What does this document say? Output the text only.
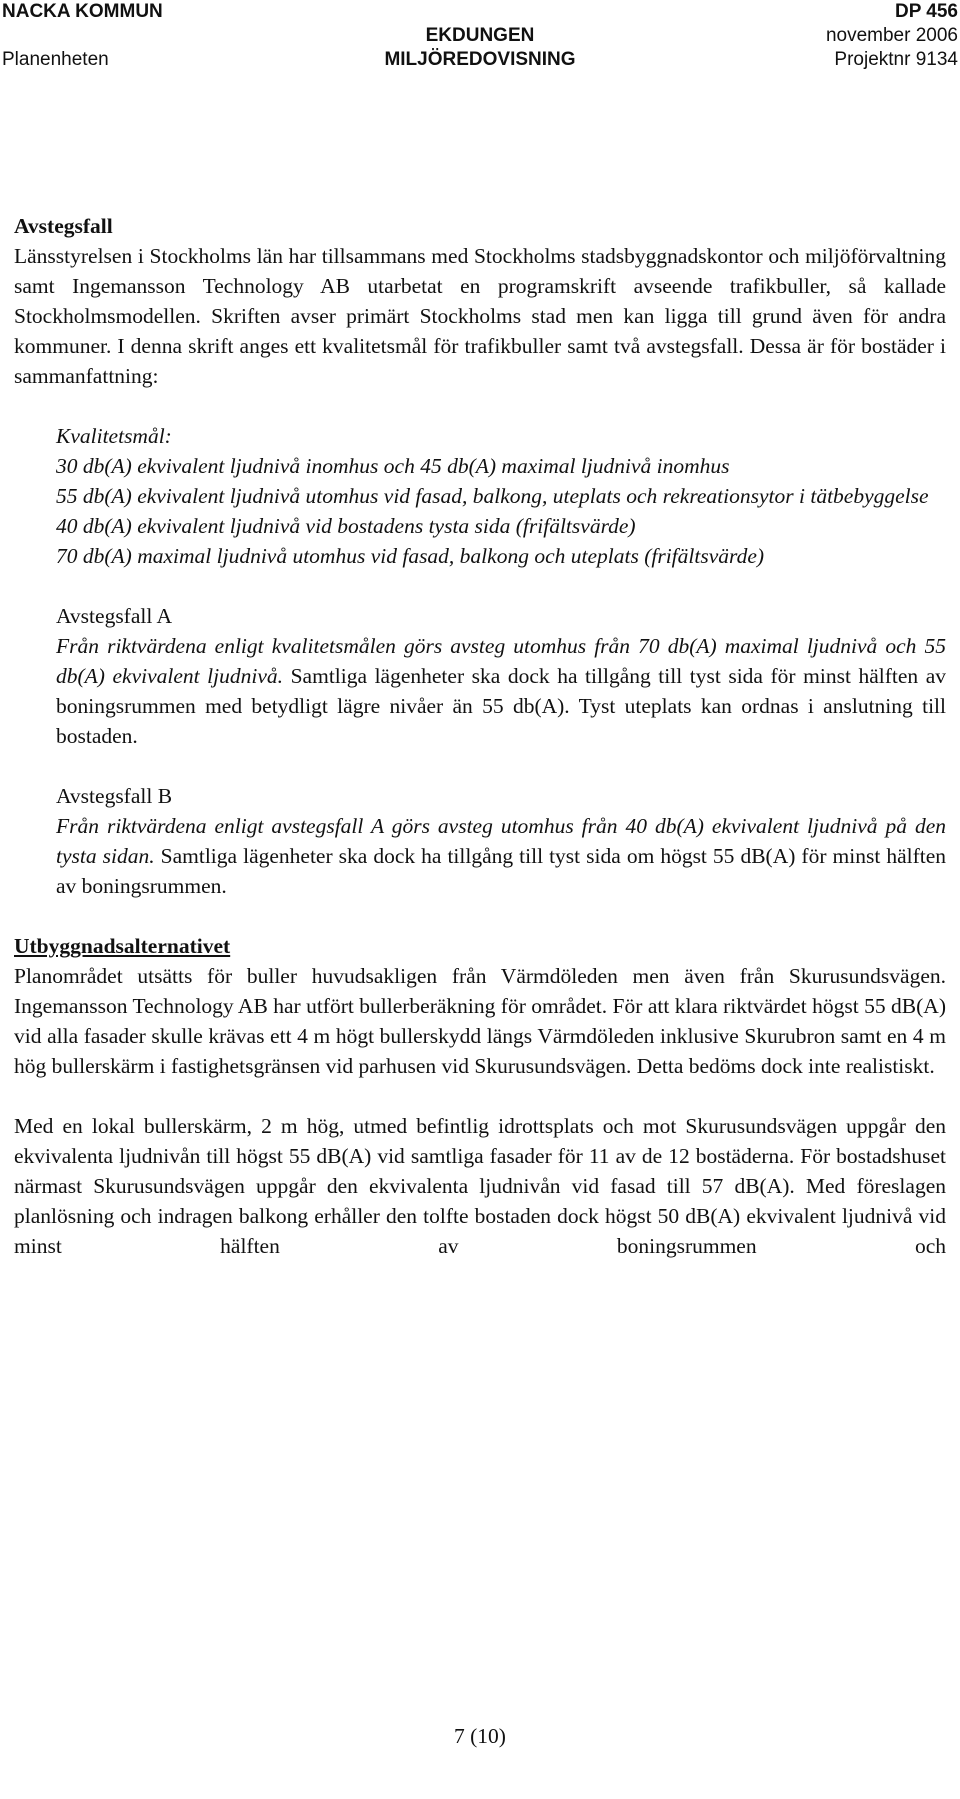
NACKA KOMMUN	DP 456
EKDUNGEN	november 2006
Planenheten	MILJÖREDOVISNING	Projektnr 9134
Avstegsfall

Länsstyrelsen i Stockholms län har tillsammans med Stockholms stadsbyggnadskontor och miljöförvaltning samt Ingemansson Technology AB utarbetat en programskrift avseende trafikbuller, så kallade Stockholmsmodellen. Skriften avser primärt Stockholms stad men kan ligga till grund även för andra kommuner. I denna skrift anges ett kvalitetsmål för trafikbuller samt två avstegsfall. Dessa är för bostäder i sammanfattning:

Kvalitetsmål:

30 db(A) ekvivalent ljudnivå inomhus och 45 db(A) maximal ljudnivå inomhus

55 db(A) ekvivalent ljudnivå utomhus vid fasad, balkong, uteplats och rekreationsytor i tätbebyggelse

40 db(A) ekvivalent ljudnivå vid bostadens tysta sida (frifältsvärde)

70 db(A) maximal ljudnivå utomhus vid fasad, balkong och uteplats (frifältsvärde)

Avstegsfall A

Från riktvärdena enligt kvalitetsmålen görs avsteg utomhus från 70 db(A) maximal ljudnivå och 55 db(A) ekvivalent ljudnivå. Samtliga lägenheter ska dock ha tillgång till tyst sida för minst hälften av boningsrummen med betydligt lägre nivåer än 55 db(A). Tyst uteplats kan ordnas i anslutning till bostaden.

Avstegsfall B

Från riktvärdena enligt avstegsfall A görs avsteg utomhus från 40 db(A) ekvivalent ljudnivå på den tysta sidan. Samtliga lägenheter ska dock ha tillgång till tyst sida om högst 55 dB(A) för minst hälften av boningsrummen.

Utbyggnadsalternativet

Planområdet utsätts för buller huvudsakligen från Värmdöleden men även från Skurusundsvägen. Ingemansson Technology AB har utfört bullerberäkning för området. För att klara riktvärdet högst 55 dB(A) vid alla fasader skulle krävas ett 4 m högt bullerskydd längs Värmdöleden inklusive Skurubron samt en 4 m hög bullerskärm i fastighetsgränsen vid parhusen vid Skurusundsvägen. Detta bedöms dock inte realistiskt.

Med en lokal bullerskärm, 2 m hög, utmed befintlig idrottsplats och mot Skurusundsvägen uppgår den ekvivalenta ljudnivån till högst 55 dB(A) vid samtliga fasader för 11 av de 12 bostäderna. För bostadshuset närmast Skurusundsvägen uppgår den ekvivalenta ljudnivån vid fasad till 57 dB(A). Med föreslagen planlösning och indragen balkong erhåller den tolfte bostaden dock högst 50 dB(A) ekvivalent ljudnivå vid minst hälften av boningsrummen och

7 (10)
